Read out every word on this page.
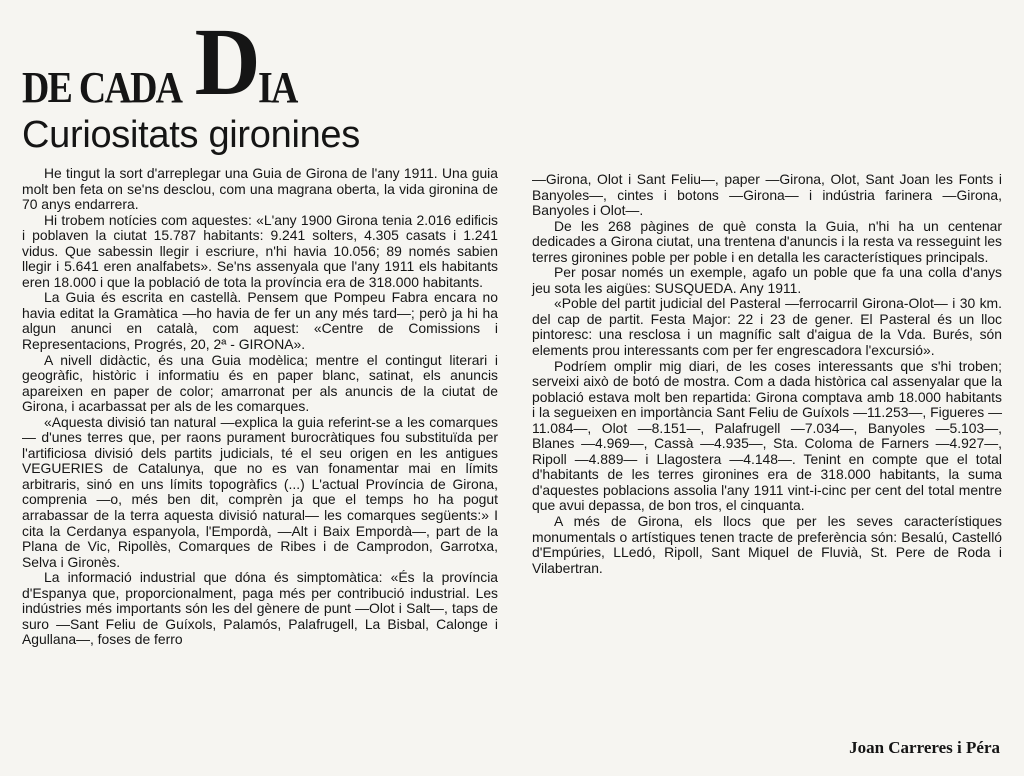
DE CADA D IA
Curiositats gironines

He tingut la sort d'arreplegar una Guia de Girona de l'any 1911. Una guia molt ben feta on se'ns desclou, com una magrana oberta, la vida gironina de 70 anys endarrera.

Hi trobem notícies com aquestes: «L'any 1900 Girona tenia 2.016 edificis i poblaven la ciutat 15.787 habitants: 9.241 solters, 4.305 casats i 1.241 vidus. Que sabessin llegir i escriure, n'hi havia 10.056; 89 només sabien llegir i 5.641 eren analfabets». Se'ns assenyala que l'any 1911 els habitants eren 18.000 i que la població de tota la província era de 318.000 habitants.

La Guia és escrita en castellà. Pensem que Pompeu Fabra encara no havia editat la Gramàtica —ho havia de fer un any més tard—; però ja hi ha algun anunci en català, com aquest: «Centre de Comissions i Representacions, Progrés, 20, 2ª - GIRONA».

A nivell didàctic, és una Guia modèlica; mentre el contingut literari i geogràfic, històric i informatiu és en paper blanc, satinat, els anuncis apareixen en paper de color; amarronat per als anuncis de la ciutat de Girona, i acarbassat per als de les comarques.

«Aquesta divisió tan natural —explica la guia referint-se a les comarques— d'unes terres que, per raons purament burocràtiques fou substituïda per l'artificiosa divisió dels partits judicials, té el seu origen en les antigues VEGUERIES de Catalunya, que no es van fonamentar mai en límits arbitraris, sinó en uns límits topogràfics (...) L'actual Província de Girona, comprenia —o, més ben dit, comprèn ja que el temps ho ha pogut arrabassar de la terra aquesta divisió natural— les comarques següents:» I cita la Cerdanya espanyola, l'Empordà, —Alt i Baix Empordà—, part de la Plana de Vic, Ripollès, Comarques de Ribes i de Camprodon, Garrotxa, Selva i Gironès.

La informació industrial que dóna és simptomàtica: «És la província d'Espanya que, proporcionalment, paga més per contribució industrial. Les indústries més importants són les del gènere de punt —Olot i Salt—, taps de suro —Sant Feliu de Guíxols, Palamós, Palafrugell, La Bisbal, Calonge i Agullana—, foses de ferro

—Girona, Olot i Sant Feliu—, paper —Girona, Olot, Sant Joan les Fonts i Banyoles—, cintes i botons —Girona— i indústria farinera —Girona, Banyoles i Olot—.

De les 268 pàgines de què consta la Guia, n'hi ha un centenar dedicades a Girona ciutat, una trentena d'anuncis i la resta va resseguint les terres gironines poble per poble i en detalla les característiques principals.

Per posar només un exemple, agafo un poble que fa una colla d'anys jeu sota les aigües: SUSQUEDA. Any 1911.

«Poble del partit judicial del Pasteral —ferrocarril Girona-Olot— i 30 km. del cap de partit. Festa Major: 22 i 23 de gener. El Pasteral és un lloc pintoresc: una resclosa i un magnífic salt d'aigua de la Vda. Burés, són elements prou interessants com per fer engrescadora l'excursió».

Podríem omplir mig diari, de les coses interessants que s'hi troben; serveixi això de botó de mostra. Com a dada històrica cal assenyalar que la població estava molt ben repartida: Girona comptava amb 18.000 habitants i la segueixen en importància Sant Feliu de Guíxols —11.253—, Figueres —11.084—, Olot —8.151—, Palafrugell —7.034—, Banyoles —5.103—, Blanes —4.969—, Cassà —4.935—, Sta. Coloma de Farners —4.927—, Ripoll —4.889— i Llagostera —4.148—. Tenint en compte que el total d'habitants de les terres gironines era de 318.000 habitants, la suma d'aquestes poblacions assolia l'any 1911 vint-i-cinc per cent del total mentre que avui depassa, de bon tros, el cinquanta.

A més de Girona, els llocs que per les seves característiques monumentals o artístiques tenen tracte de preferència són: Besalú, Castelló d'Empúries, LLedó, Ripoll, Sant Miquel de Fluvià, St. Pere de Roda i Vilabertran.

Joan Carreres i Péra
